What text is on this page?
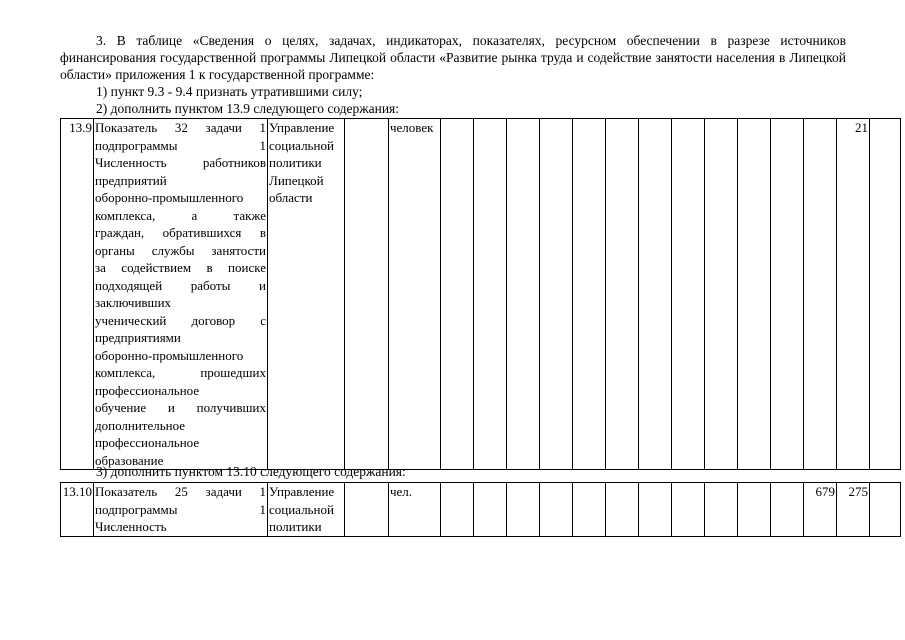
3. В таблице «Сведения о целях, задачах, индикаторах, показателях, ресурсном обеспечении в разрезе источников финансирования государственной программы Липецкой области «Развитие рынка труда и содействие занятости населения в Липецкой области» приложения 1 к государственной программе:
1) пункт 9.3 - 9.4 признать утратившими силу;
2) дополнить пунктом 13.9 следующего содержания:
13.9	Показатель 32 задачи 1
подпрограммы 1
Численность работников
предприятий
оборонно-промышленного
комплекса, а также
граждан, обратившихся в
органы службы занятости
за содействием в поиске
подходящей работы и
заключивших
ученический договор с
предприятиями
оборонно-промышленного
комплекса, прошедших
профессиональное
обучение и получивших
дополнительное
профессиональное
образование
	Управление социальной политики Липецкой области		человек													21	
3) дополнить пунктом 13.10 следующего содержания:
13.10	Показатель 25 задачи 1
подпрограммы 1
Численность
	Управление социальной политики		чел.												679	275	
